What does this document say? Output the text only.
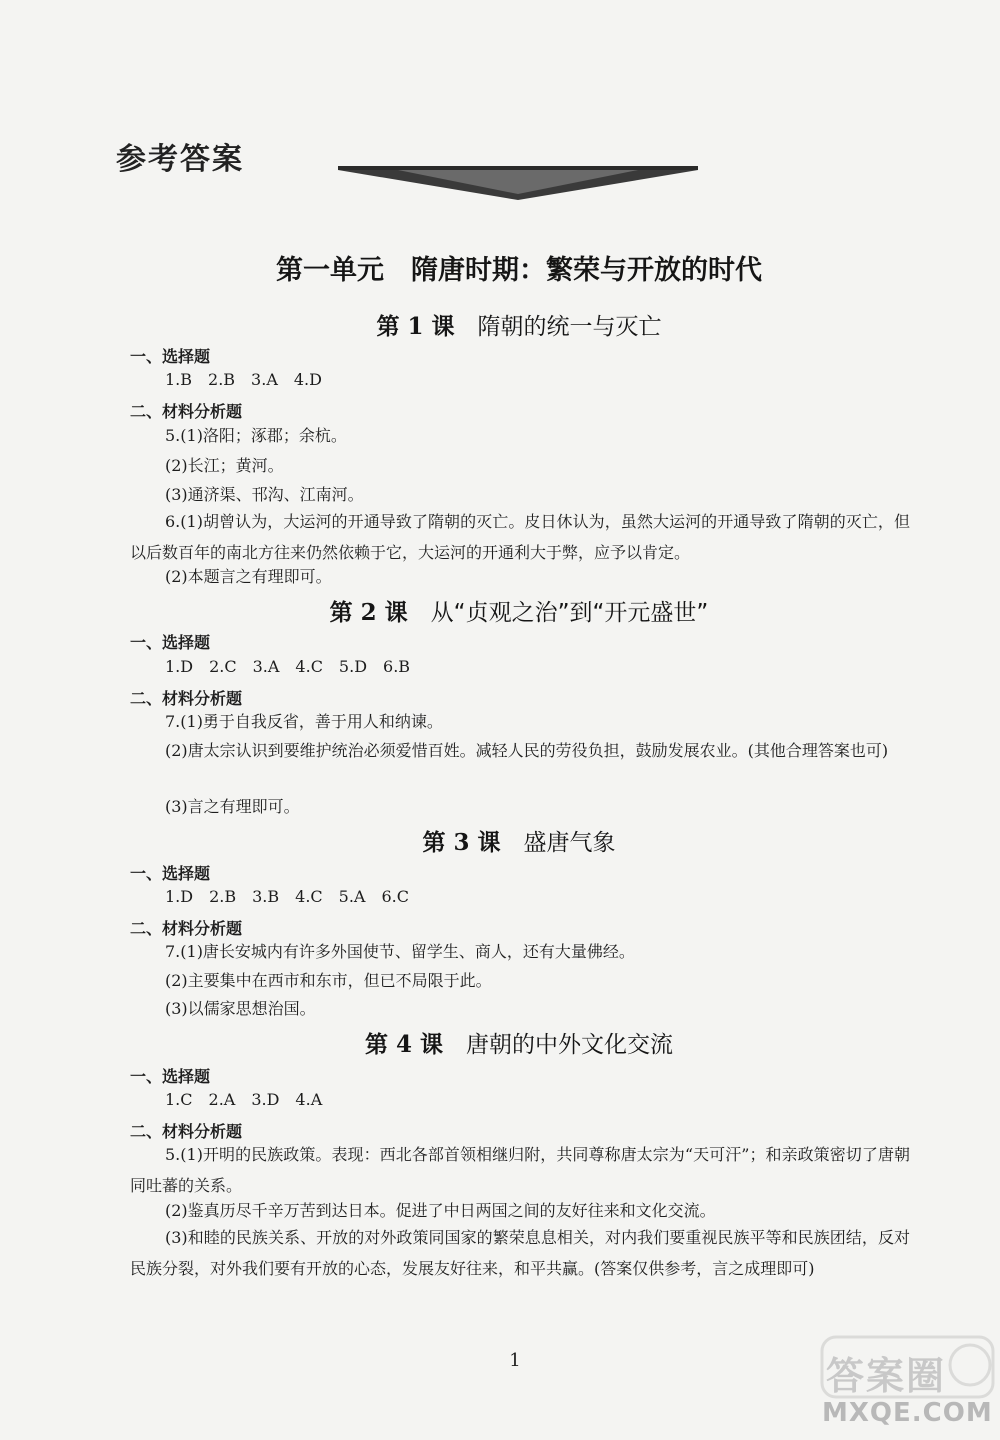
参考答案
第一单元　隋唐时期：繁荣与开放的时代
第 1 课　 隋朝的统一与灭亡
一、选择题
1.B　2.B　3.A　4.D
二、材料分析题
5.(1)洛阳；涿郡；余杭。
(2)长江；黄河。
(3)通济渠、邗沟、江南河。
6.(1)胡曾认为，大运河的开通导致了隋朝的灭亡。皮日休认为，虽然大运河的开通导致了隋朝的灭亡，但以后数百年的南北方往来仍然依赖于它，大运河的开通利大于弊，应予以肯定。
(2)本题言之有理即可。
第 2 课　 从“贞观之治”到“开元盛世”
一、选择题
1.D　2.C　3.A　4.C　5.D　6.B
二、材料分析题
7.(1)勇于自我反省，善于用人和纳谏。
(2)唐太宗认识到要维护统治必须爱惜百姓。减轻人民的劳役负担，鼓励发展农业。(其他合理答案也可)
(3)言之有理即可。
第 3 课　 盛唐气象
一、选择题
1.D　2.B　3.B　4.C　5.A　6.C
二、材料分析题
7.(1)唐长安城内有许多外国使节、留学生、商人，还有大量佛经。
(2)主要集中在西市和东市，但已不局限于此。
(3)以儒家思想治国。
第 4 课　 唐朝的中外文化交流
一、选择题
1.C　2.A　3.D　4.A
二、材料分析题
5.(1)开明的民族政策。表现：西北各部首领相继归附，共同尊称唐太宗为“天可汗”；和亲政策密切了唐朝同吐蕃的关系。
(2)鉴真历尽千辛万苦到达日本。促进了中日两国之间的友好往来和文化交流。
(3)和睦的民族关系、开放的对外政策同国家的繁荣息息相关，对内我们要重视民族平等和民族团结，反对民族分裂，对外我们要有开放的心态，发展友好往来，和平共赢。(答案仅供参考，言之成理即可)
1	答案圈
MXQE.COM
